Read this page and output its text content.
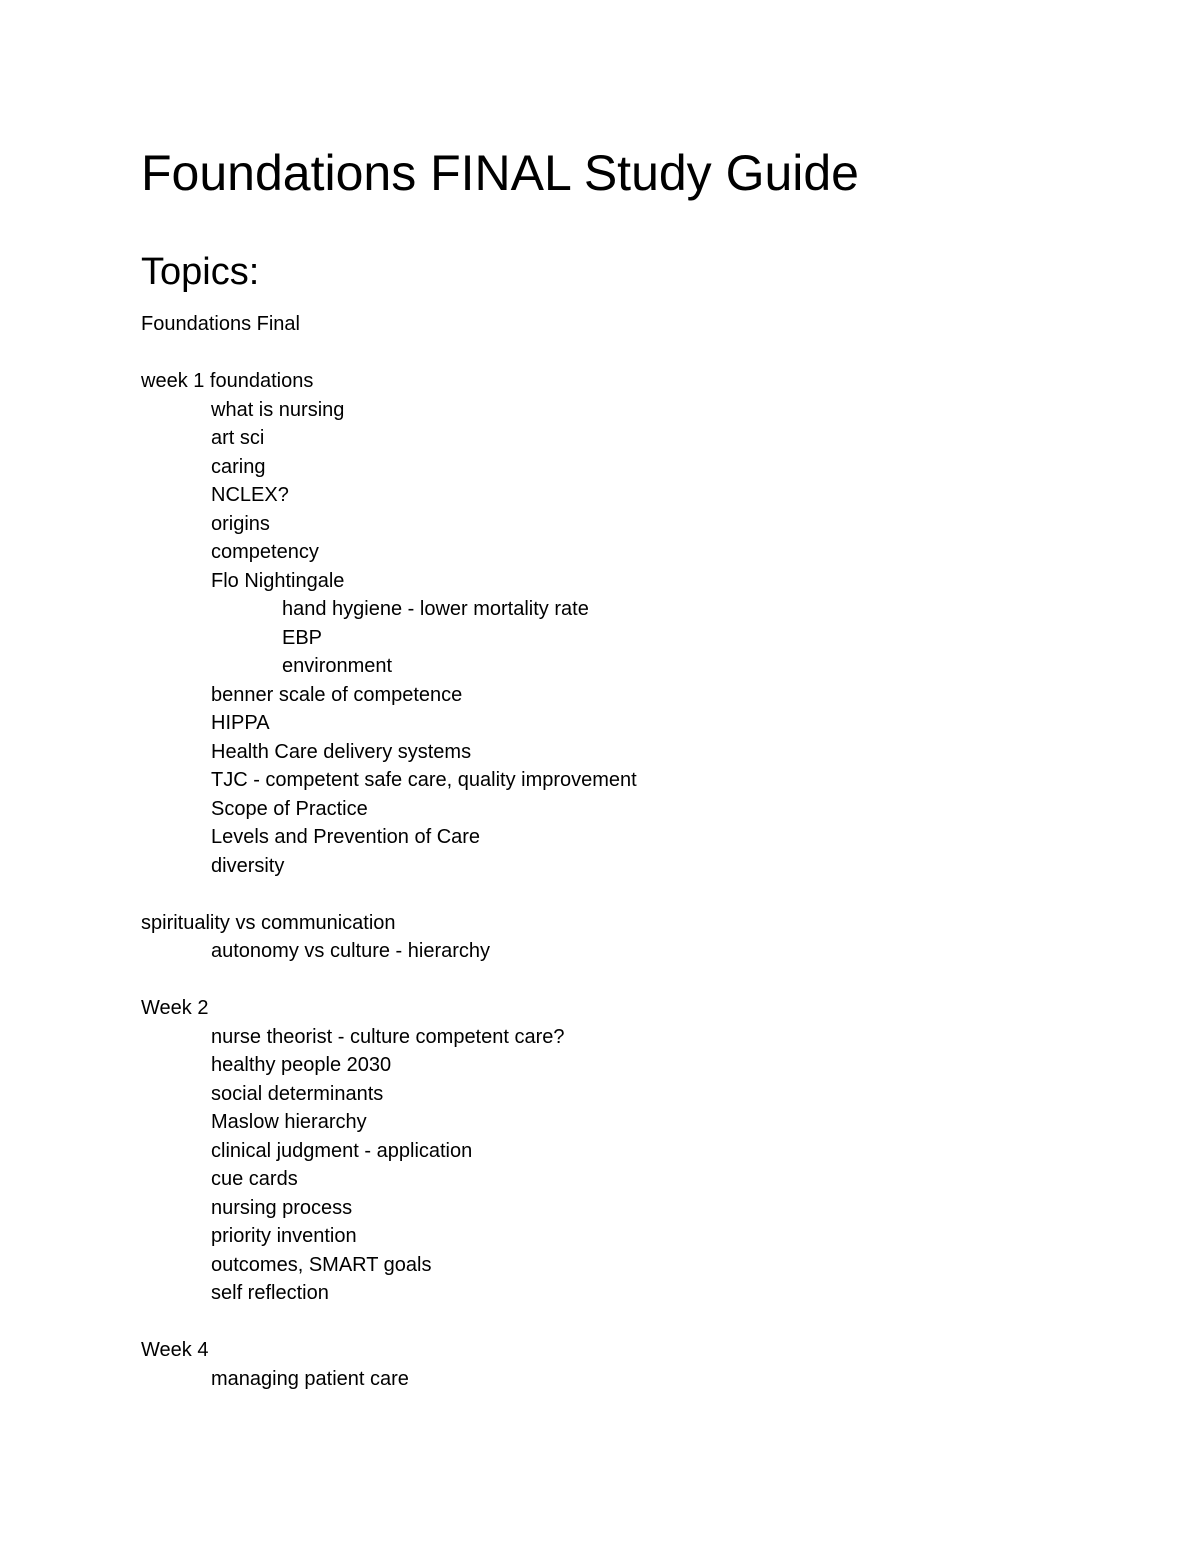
Foundations FINAL Study Guide
Topics:
Foundations Final
week 1 foundations
what is nursing
art sci
caring
NCLEX?
origins
competency
Flo Nightingale
hand hygiene - lower mortality rate
EBP
environment
benner scale of competence
HIPPA
Health Care delivery systems
TJC - competent safe care, quality improvement
Scope of Practice
Levels and Prevention of Care
diversity
spirituality vs communication
autonomy vs culture - hierarchy
Week 2
nurse theorist - culture competent care?
healthy people 2030
social determinants
Maslow hierarchy
clinical judgment - application
cue cards
nursing process
priority invention
outcomes, SMART goals
self reflection
Week 4
managing patient care
